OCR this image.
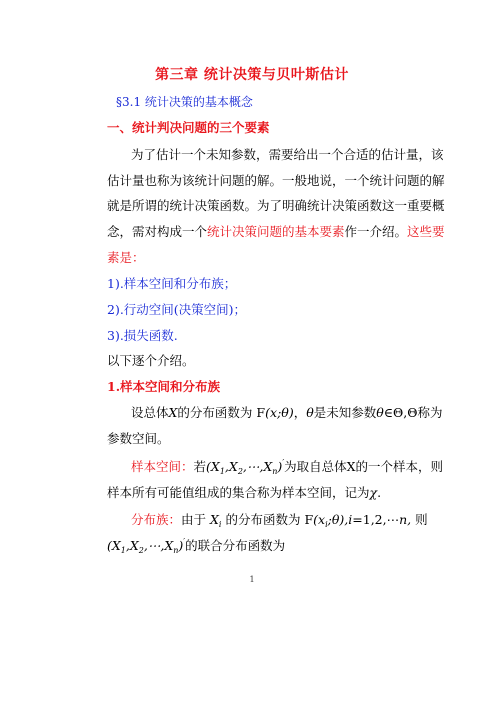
第三章 统计决策与贝叶斯估计
§3.1 统计决策的基本概念
一、统计判决问题的三个要素
为了估计一个未知参数，需要给出一个合适的估计量，该
估计量也称为该统计问题的解。一般地说，一个统计问题的解
就是所谓的统计决策函数。为了明确统计决策函数这一重要概
念，需对构成一个统计决策问题的基本要素作一介绍。这些要
素是：
1).样本空间和分布族；
2).行动空间(决策空间)；
3).损失函数.
以下逐个介绍。
1.样本空间和分布族
设总体X的分布函数为 F(x;θ)，θ是未知参数θ∈Θ,Θ称为
参数空间。
样本空间：若$(X_1,X_2,\cdots,X_n)'$为取自总体X的一个样本，则
样本所有可能值组成的集合称为样本空间，记为χ.
分布族：由于 $X_i$ 的分布函数为 $F(x_i;\theta),i=1,2,\cdots n$, 则
$(X_1,X_2,\cdots,X_n)'$的联合分布函数为
1
